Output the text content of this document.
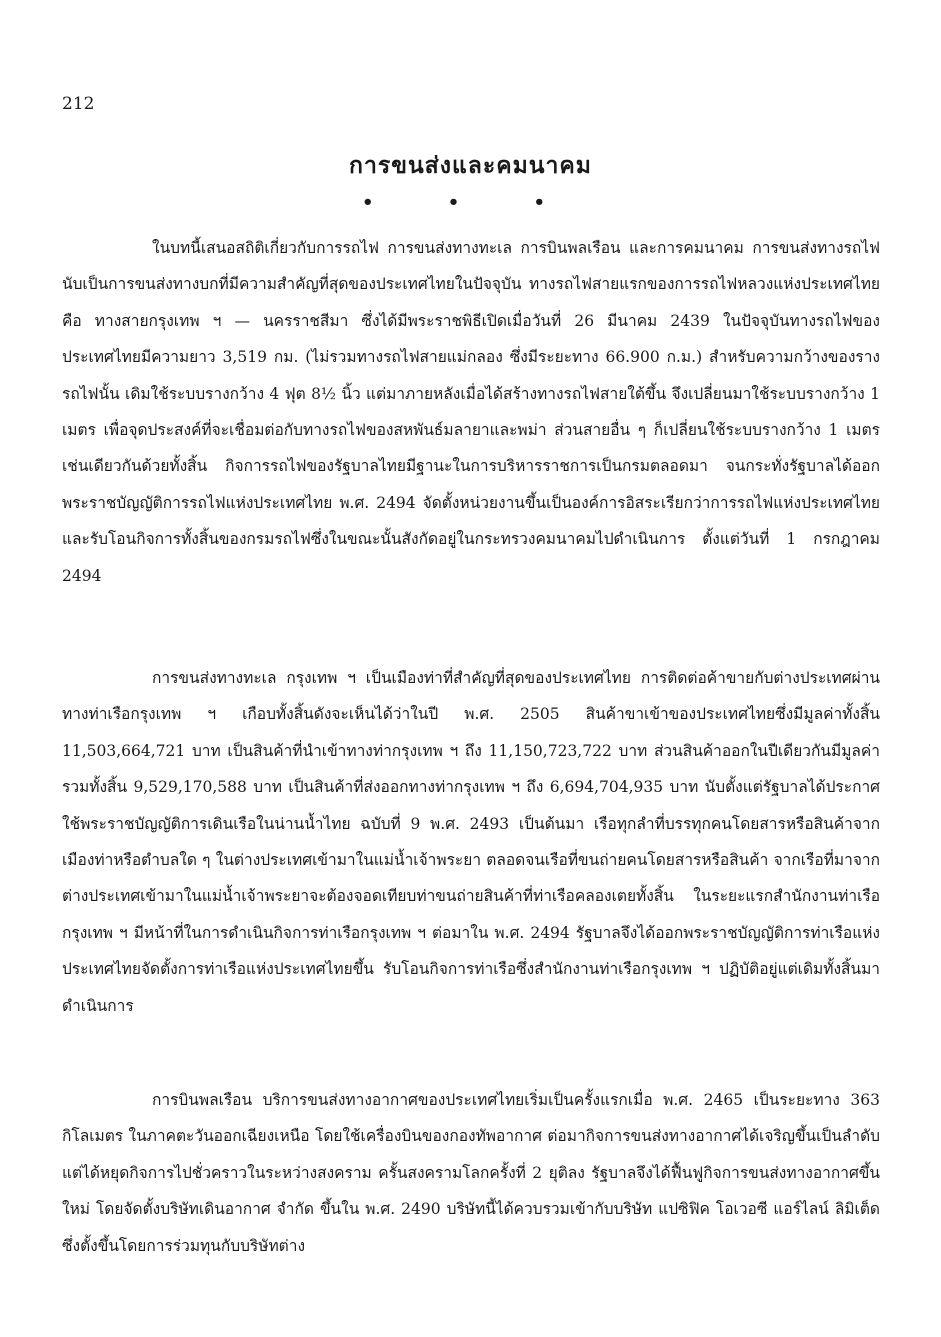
212
การขนส่งและคมนาคม
• • •

ในบทนี้เสนอสถิติเกี่ยวกับการรถไฟ การขนส่งทางทะเล การบินพลเรือน และการคมนาคม การขนส่งทางรถไฟนับเป็นการขนส่งทางบกที่มีความสำคัญที่สุดของประเทศไทยในปัจจุบัน ทางรถไฟสายแรกของการรถไฟหลวงแห่งประเทศไทย คือ ทางสายกรุงเทพ ฯ — นครราชสีมา ซึ่งได้มีพระราชพิธีเปิดเมื่อวันที่ 26 มีนาคม 2439 ในปัจจุบันทางรถไฟของประเทศไทยมีความยาว 3,519 กม. (ไม่รวมทางรถไฟสายแม่กลอง ซึ่งมีระยะทาง 66.900 ก.ม.) สำหรับความกว้างของรางรถไฟนั้น เดิมใช้ระบบรางกว้าง 4 ฟุต 8½ นิ้ว แต่มาภายหลังเมื่อได้สร้างทางรถไฟสายใต้ขึ้น จึงเปลี่ยนมาใช้ระบบรางกว้าง 1 เมตร เพื่อจุดประสงค์ที่จะเชื่อมต่อกับทางรถไฟของสหพันธ์มลายาและพม่า ส่วนสายอื่น ๆ ก็เปลี่ยนใช้ระบบรางกว้าง 1 เมตร เช่นเดียวกันด้วยทั้งสิ้น กิจการรถไฟของรัฐบาลไทยมีฐานะในการบริหารราชการเป็นกรมตลอดมา จนกระทั่งรัฐบาลได้ออกพระราชบัญญัติการรถไฟแห่งประเทศไทย พ.ศ. 2494 จัดตั้งหน่วยงานขึ้นเป็นองค์การอิสระเรียกว่าการรถไฟแห่งประเทศไทย และรับโอนกิจการทั้งสิ้นของกรมรถไฟซึ่งในขณะนั้นสังกัดอยู่ในกระทรวงคมนาคมไปดำเนินการ ตั้งแต่วันที่ 1 กรกฎาคม 2494

การขนส่งทางทะเล กรุงเทพ ฯ เป็นเมืองท่าที่สำคัญที่สุดของประเทศไทย การติดต่อค้าขายกับต่างประเทศผ่านทางท่าเรือกรุงเทพ ฯ เกือบทั้งสิ้นดังจะเห็นได้ว่าในปี พ.ศ. 2505 สินค้าขาเข้าของประเทศไทยซึ่งมีมูลค่าทั้งสิ้น 11,503,664,721 บาท เป็นสินค้าที่นำเข้าทางท่ากรุงเทพ ฯ ถึง 11,150,723,722 บาท ส่วนสินค้าออกในปีเดียวกันมีมูลค่ารวมทั้งสิ้น 9,529,170,588 บาท เป็นสินค้าที่ส่งออกทางท่ากรุงเทพ ฯ ถึง 6,694,704,935 บาท นับตั้งแต่รัฐบาลได้ประกาศใช้พระราชบัญญัติการเดินเรือในน่านน้ำไทย ฉบับที่ 9 พ.ศ. 2493 เป็นต้นมา เรือทุกลำที่บรรทุกคนโดยสารหรือสินค้าจากเมืองท่าหรือตำบลใด ๆ ในต่างประเทศเข้ามาในแม่น้ำเจ้าพระยา ตลอดจนเรือที่ขนถ่ายคนโดยสารหรือสินค้า จากเรือที่มาจากต่างประเทศเข้ามาในแม่น้ำเจ้าพระยาจะต้องจอดเทียบท่าขนถ่ายสินค้าที่ท่าเรือคลองเตยทั้งสิ้น ในระยะแรกสำนักงานท่าเรือกรุงเทพ ฯ มีหน้าที่ในการดำเนินกิจการท่าเรือกรุงเทพ ฯ ต่อมาใน พ.ศ. 2494 รัฐบาลจึงได้ออกพระราชบัญญัติการท่าเรือแห่งประเทศไทยจัดตั้งการท่าเรือแห่งประเทศไทยขึ้น รับโอนกิจการท่าเรือซึ่งสำนักงานท่าเรือกรุงเทพ ฯ ปฏิบัติอยู่แต่เดิมทั้งสิ้นมาดำเนินการ

การบินพลเรือน บริการขนส่งทางอากาศของประเทศไทยเริ่มเป็นครั้งแรกเมื่อ พ.ศ. 2465 เป็นระยะทาง 363 กิโลเมตร ในภาคตะวันออกเฉียงเหนือ โดยใช้เครื่องบินของกองทัพอากาศ ต่อมากิจการขนส่งทางอากาศได้เจริญขึ้นเป็นลำดับ แต่ได้หยุดกิจการไปชั่วคราวในระหว่างสงคราม ครั้นสงครามโลกครั้งที่ 2 ยุติลง รัฐบาลจึงได้ฟื้นฟูกิจการขนส่งทางอากาศขึ้นใหม่ โดยจัดตั้งบริษัทเดินอากาศ จำกัด ขึ้นใน พ.ศ. 2490 บริษัทนี้ได้ควบรวมเข้ากับบริษัท แปซิฟิค โอเวอซี แอร์ไลน์ ลิมิเต็ด ซึ่งตั้งขึ้นโดยการร่วมทุนกับบริษัทต่าง
